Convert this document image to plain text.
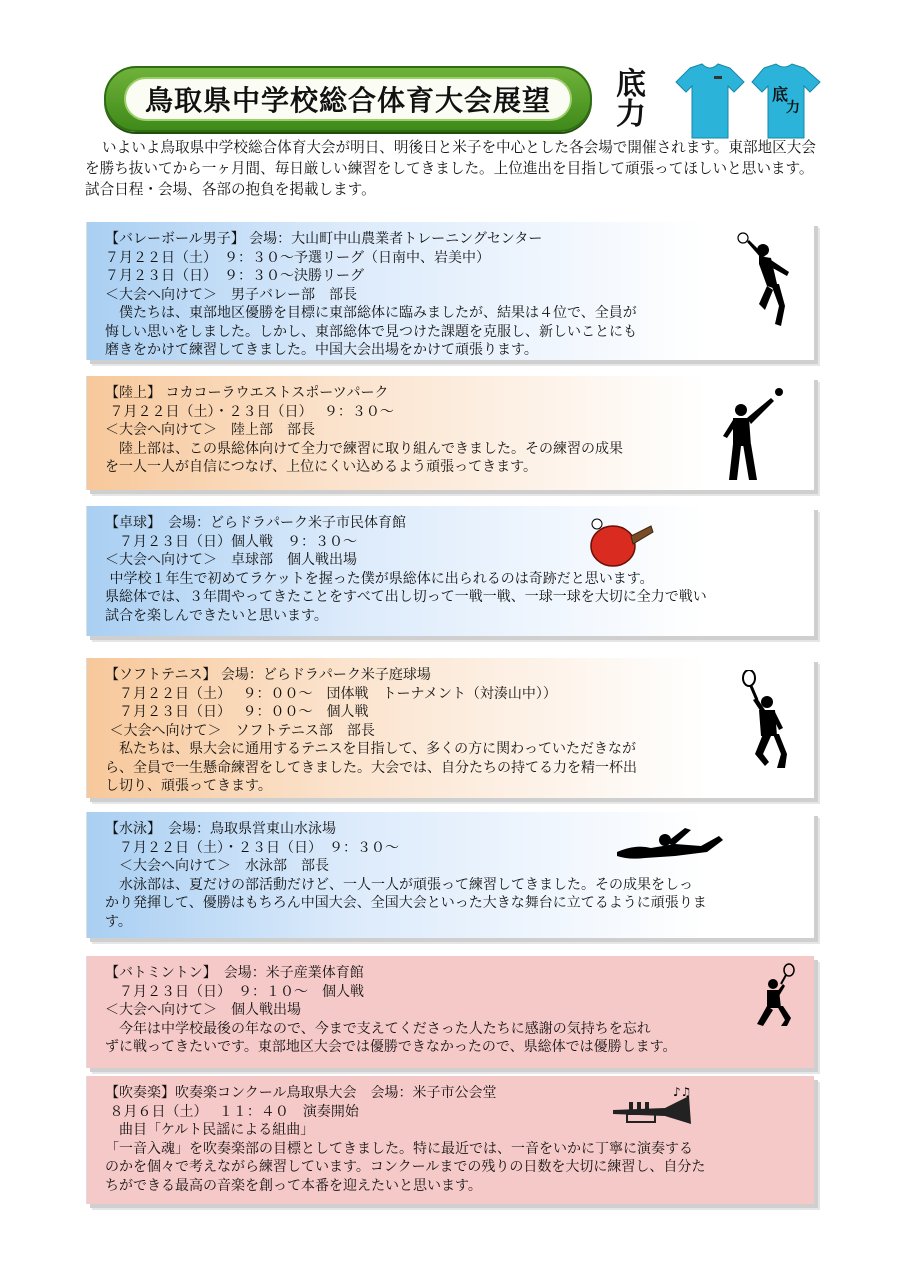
鳥取県中学校総合体育大会展望 底力
底
力
いよいよ鳥取県中学校総合体育大会が明日、明後日と米子を中心とした各会場で開催されます。東部地区大会を勝ち抜いてから一ヶ月間、毎日厳しい練習をしてきました。上位進出を目指して頑張ってほしいと思います。試合日程・会場、各部の抱負を掲載します。
【バレーボール男子】 会場：大山町中山農業者トレーニングセンター
７月２２日（土）　９：３０～予選リーグ（日南中、岩美中）
７月２３日（日）　９：３０～決勝リーグ
＜大会へ向けて＞　男子バレー部　部長
　僕たちは、東部地区優勝を目標に東部総体に臨みましたが、結果は４位で、全員が
悔しい思いをしました。しかし、東部総体で見つけた課題を克服し、新しいことにも
磨きをかけて練習してきました。中国大会出場をかけて頑張ります。
【陸上】 コカコーラウエストスポーツパーク
７月２２日（土）・２３日（日）　 ９：３０～
＜大会へ向けて＞　陸上部　部長
　陸上部は、この県総体向けて全力で練習に取り組んできました。その練習の成果
を一人一人が自信につなげ、上位にくい込めるよう頑張ってきます。
【卓球】　会場：どらドラパーク米子市民体育館
　７月２３日（日）個人戦　９：３０～
＜大会へ向けて＞　卓球部　個人戦出場
中学校１年生で初めてラケットを握った僕が県総体に出られるのは奇跡だと思います。
県総体では、３年間やってきたことをすべて出し切って一戦一戦、一球一球を大切に全力で戦い
試合を楽しんできたいと思います。
【ソフトテニス】 会場：どらドラパーク米子庭球場
　７月２２日（土）　 ９：００～　団体戦　トーナメント（対湊山中））
　７月２３日（日）　 ９：００～　個人戦
＜大会へ向けて＞　ソフトテニス部　部長
　私たちは、県大会に通用するテニスを目指して、多くの方に関わっていただきなが
ら、全員で一生懸命練習をしてきました。大会では、自分たちの持てる力を精一杯出
し切り、頑張ってきます。
【水泳】　会場：鳥取県営東山水泳場
　７月２２日（土）・２３日（日）　９：３０～
　＜大会へ向けて＞　水泳部　部長
　水泳部は、夏だけの部活動だけど、一人一人が頑張って練習してきました。その成果をしっ
かり発揮して、優勝はもちろん中国大会、全国大会といった大きな舞台に立てるように頑張りま
す。
【バトミントン】　会場：米子産業体育館
　７月２３日（日）　９：１０～　個人戦
＜大会へ向けて＞　個人戦出場
　今年は中学校最後の年なので、今まで支えてくださった人たちに感謝の気持ちを忘れ
ずに戦ってきたいです。東部地区大会では優勝できなかったので、県総体では優勝します。
【吹奏楽】吹奏楽コンクール鳥取県大会　会場：米子市公会堂
８月６日（土）　 １１：４０　演奏開始
　曲目「ケルト民謡による組曲」
「一音入魂」を吹奏楽部の目標としてきました。特に最近では、一音をいかに丁寧に演奏する
のかを個々で考えながら練習しています。コンクールまでの残りの日数を大切に練習し、自分た
ちができる最高の音楽を創って本番を迎えたいと思います。
♪♫
